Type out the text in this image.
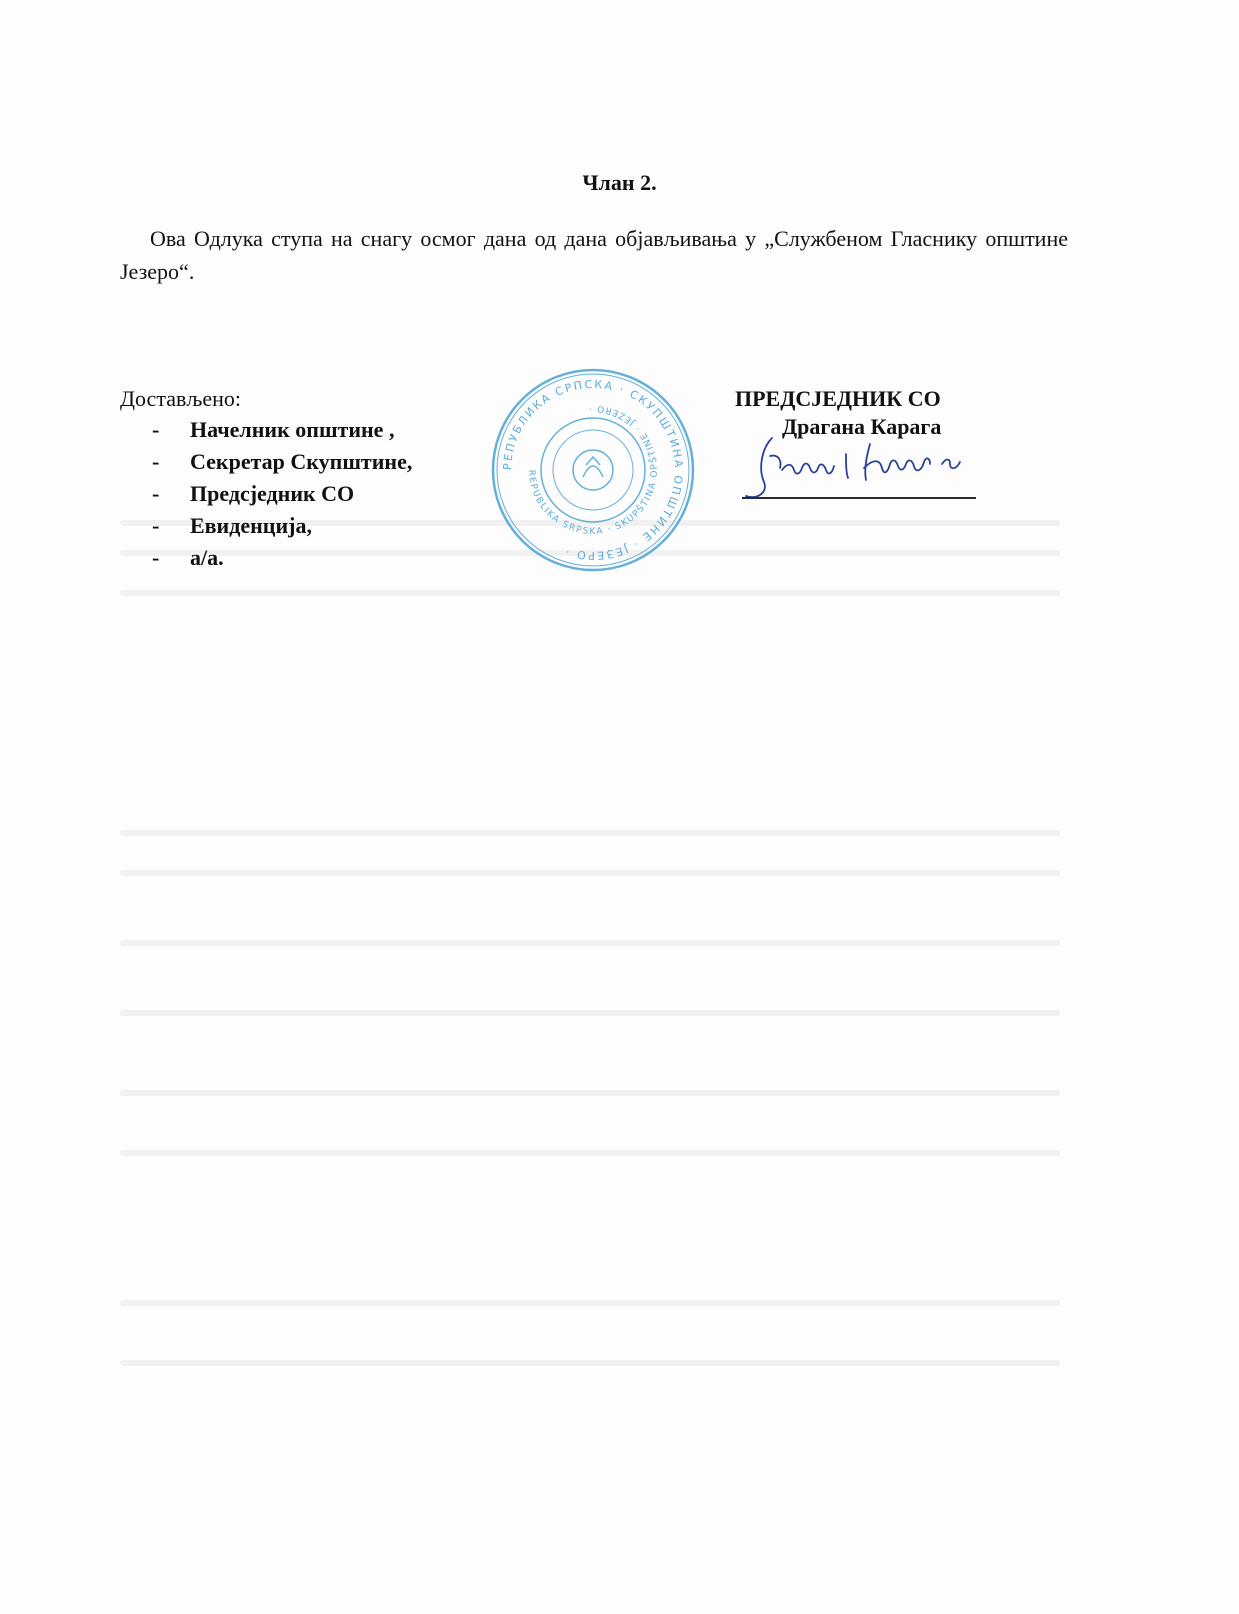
Члан 2.

Ова Одлука ступа на снагу осмог дана од дана објављивања у „Службеном Гласнику општине Језеро“.

Достављено:
-	Начелник општине ,
-	Секретар Скупштине,
-	Предсједник СО
-	Евиденција,
-	а/а.
РЕПУБЛИКА СРПСКА · СКУПШТИНА ОПШТИНЕ · ЈЕЗЕРО ·
REPUBLIKA SRPSKA · SKUPŠTINA OPŠTINE · JEZERO ·	ПРЕДСЈЕДНИК СО
Драгана Карага
